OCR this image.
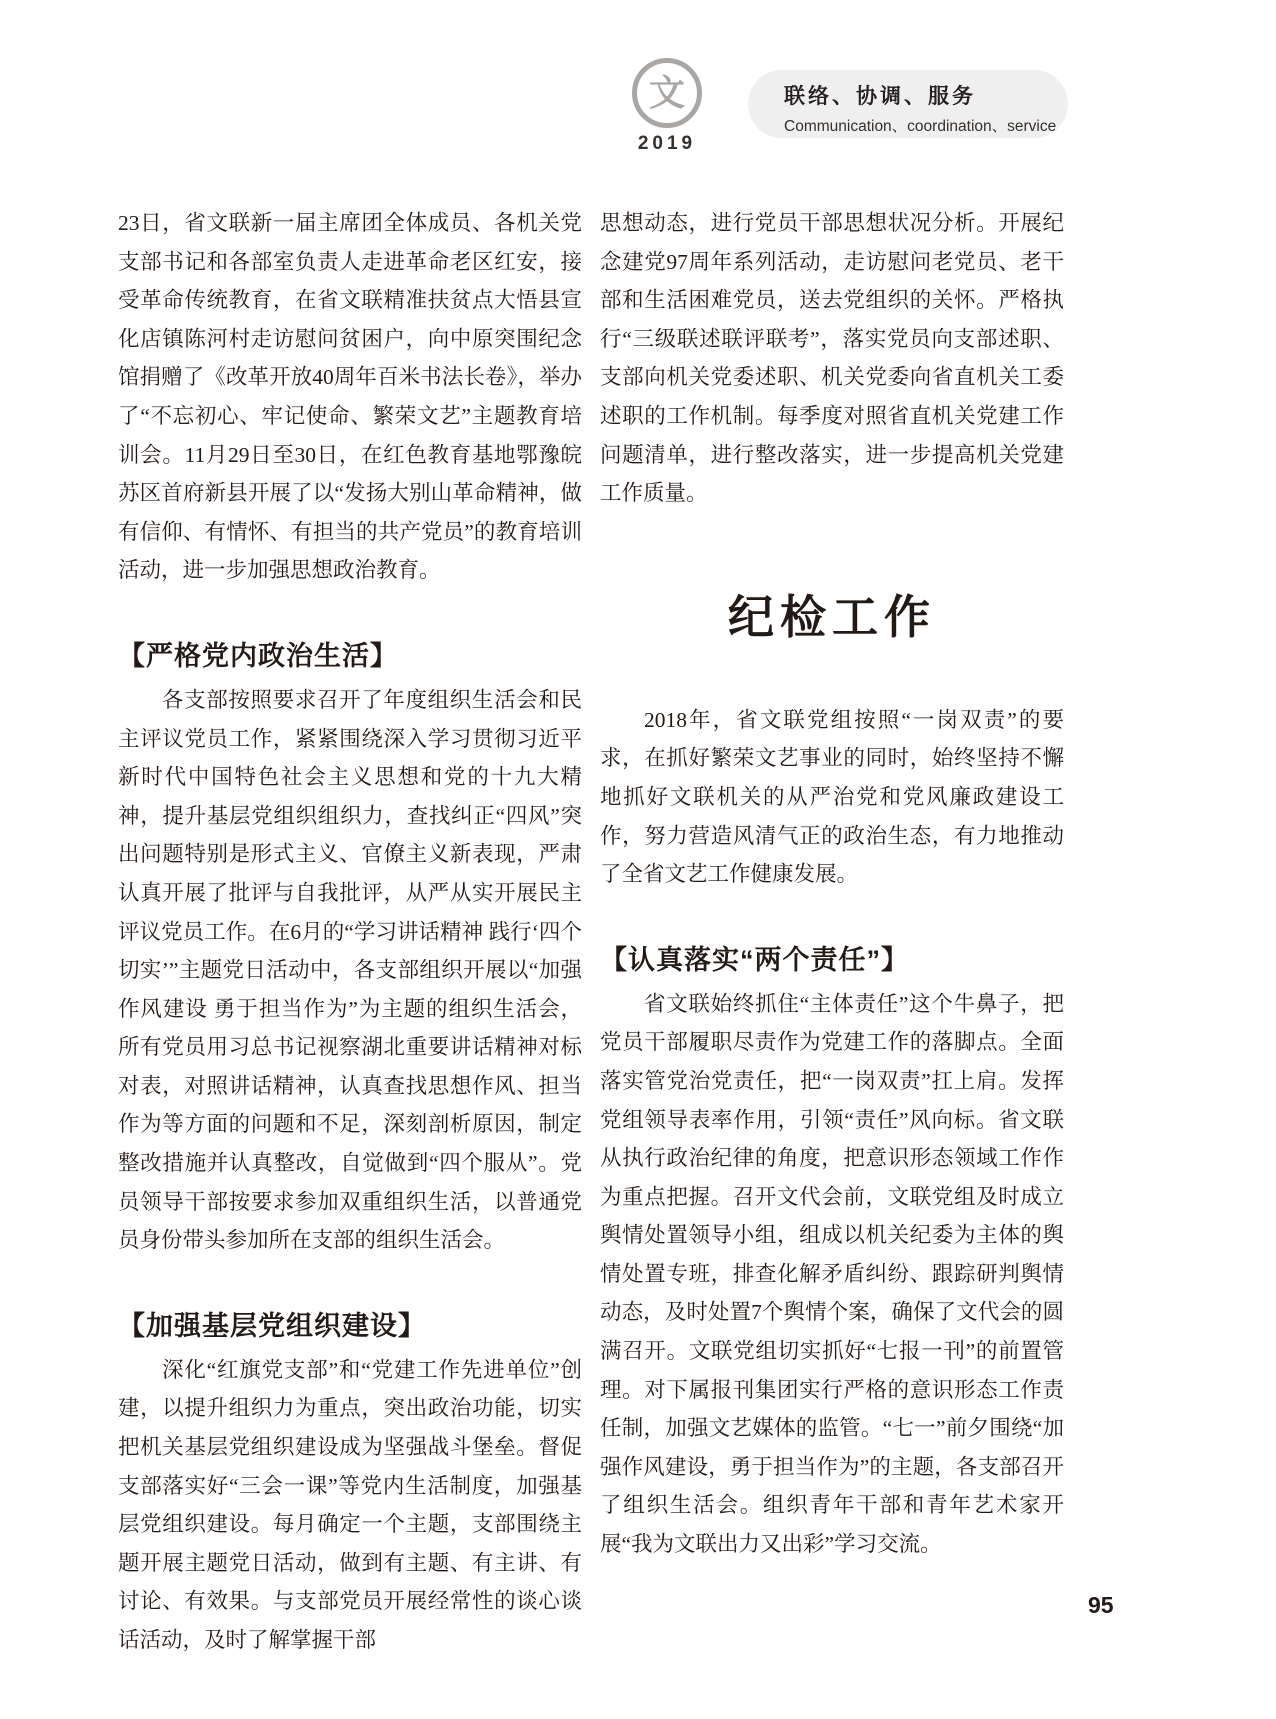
文
2019
联络、协调、服务
Communication、coordination、service

23日，省文联新一届主席团全体成员、各机关党支部书记和各部室负责人走进革命老区红安，接受革命传统教育，在省文联精准扶贫点大悟县宣化店镇陈河村走访慰问贫困户，向中原突围纪念馆捐赠了《改革开放40周年百米书法长卷》，举办了“不忘初心、牢记使命、繁荣文艺”主题教育培训会。11月29日至30日，在红色教育基地鄂豫皖苏区首府新县开展了以“发扬大别山革命精神，做有信仰、有情怀、有担当的共产党员”的教育培训活动，进一步加强思想政治教育。

【严格党内政治生活】

各支部按照要求召开了年度组织生活会和民主评议党员工作，紧紧围绕深入学习贯彻习近平新时代中国特色社会主义思想和党的十九大精神，提升基层党组织组织力，查找纠正“四风”突出问题特别是形式主义、官僚主义新表现，严肃认真开展了批评与自我批评，从严从实开展民主评议党员工作。在6月的“学习讲话精神 践行‘四个切实’”主题党日活动中，各支部组织开展以“加强作风建设 勇于担当作为”为主题的组织生活会，所有党员用习总书记视察湖北重要讲话精神对标对表，对照讲话精神，认真查找思想作风、担当作为等方面的问题和不足，深刻剖析原因，制定整改措施并认真整改，自觉做到“四个服从”。党员领导干部按要求参加双重组织生活，以普通党员身份带头参加所在支部的组织生活会。

【加强基层党组织建设】

深化“红旗党支部”和“党建工作先进单位”创建，以提升组织力为重点，突出政治功能，切实把机关基层党组织建设成为坚强战斗堡垒。督促支部落实好“三会一课”等党内生活制度，加强基层党组织建设。每月确定一个主题，支部围绕主题开展主题党日活动，做到有主题、有主讲、有讨论、有效果。与支部党员开展经常性的谈心谈话活动，及时了解掌握干部

思想动态，进行党员干部思想状况分析。开展纪念建党97周年系列活动，走访慰问老党员、老干部和生活困难党员，送去党组织的关怀。严格执行“三级联述联评联考”，落实党员向支部述职、支部向机关党委述职、机关党委向省直机关工委述职的工作机制。每季度对照省直机关党建工作问题清单，进行整改落实，进一步提高机关党建工作质量。

纪检工作

2018年，省文联党组按照“一岗双责”的要求，在抓好繁荣文艺事业的同时，始终坚持不懈地抓好文联机关的从严治党和党风廉政建设工作，努力营造风清气正的政治生态，有力地推动了全省文艺工作健康发展。

【认真落实“两个责任”】

省文联始终抓住“主体责任”这个牛鼻子，把党员干部履职尽责作为党建工作的落脚点。全面落实管党治党责任，把“一岗双责”扛上肩。发挥党组领导表率作用，引领“责任”风向标。省文联从执行政治纪律的角度，把意识形态领域工作作为重点把握。召开文代会前，文联党组及时成立舆情处置领导小组，组成以机关纪委为主体的舆情处置专班，排查化解矛盾纠纷、跟踪研判舆情动态，及时处置7个舆情个案，确保了文代会的圆满召开。文联党组切实抓好“七报一刊”的前置管理。对下属报刊集团实行严格的意识形态工作责任制，加强文艺媒体的监管。“七一”前夕围绕“加强作风建设，勇于担当作为”的主题，各支部召开了组织生活会。组织青年干部和青年艺术家开展“我为文联出力又出彩”学习交流。

95
